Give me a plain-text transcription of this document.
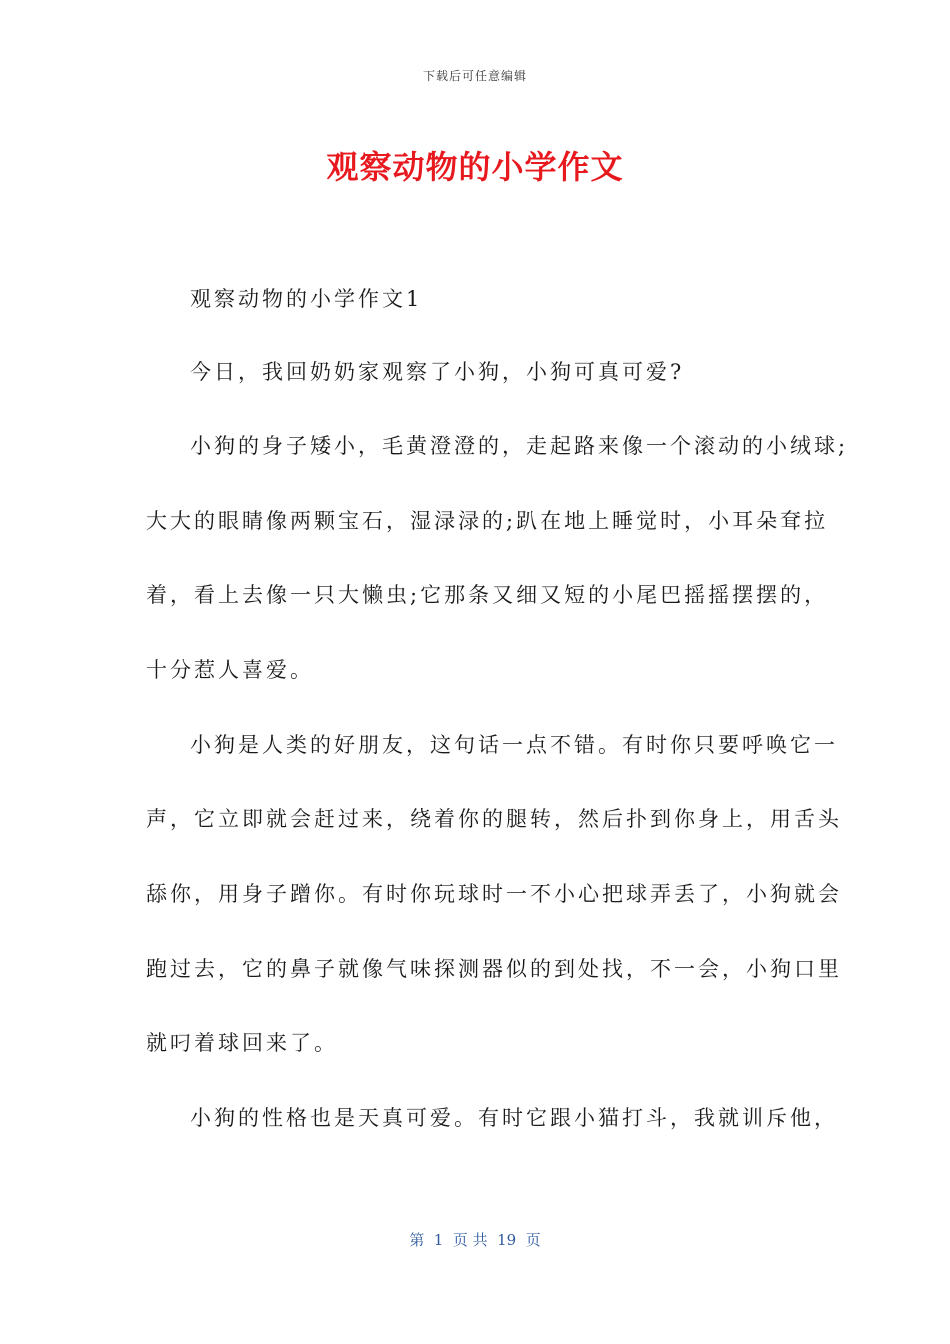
下载后可任意编辑
观察动物的小学作文
观察动物的小学作文1
今日，我回奶奶家观察了小狗，小狗可真可爱?
小狗的身子矮小，毛黄澄澄的，走起路来像一个滚动的小绒球;
大大的眼睛像两颗宝石，湿渌渌的;趴在地上睡觉时，小耳朵耷拉
着，看上去像一只大懒虫;它那条又细又短的小尾巴摇摇摆摆的，
十分惹人喜爱。
小狗是人类的好朋友，这句话一点不错。有时你只要呼唤它一
声，它立即就会赶过来，绕着你的腿转，然后扑到你身上，用舌头
舔你，用身子蹭你。有时你玩球时一不小心把球弄丢了，小狗就会
跑过去，它的鼻子就像气味探测器似的到处找，不一会，小狗口里
就叼着球回来了。
小狗的性格也是天真可爱。有时它跟小猫打斗，我就训斥他，
第  1  页 共  19  页
